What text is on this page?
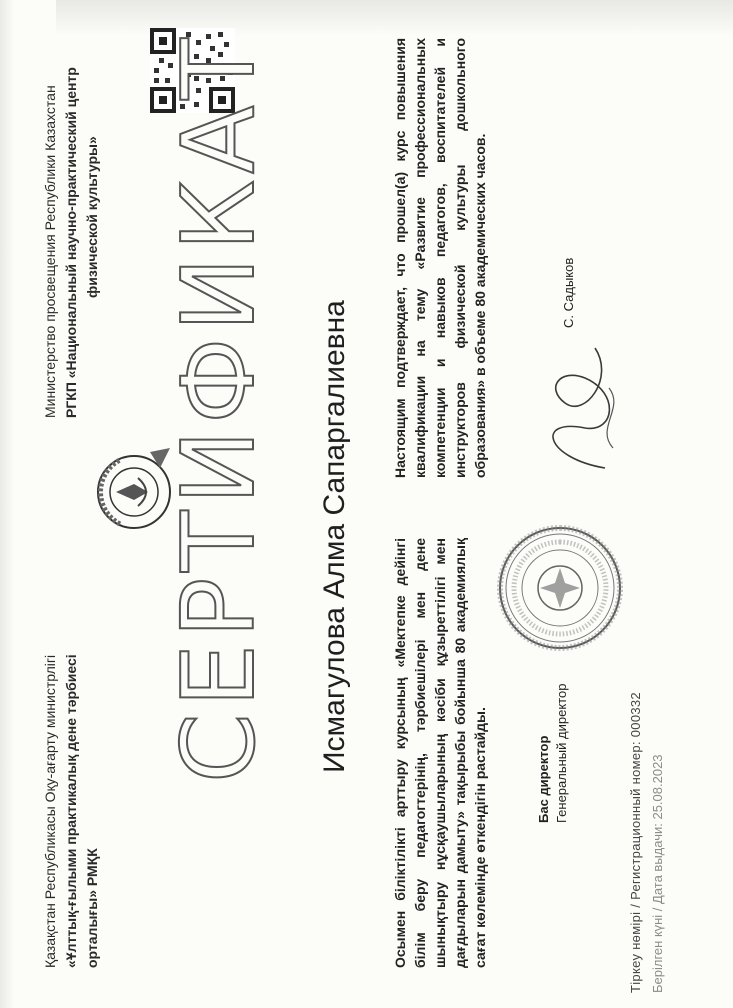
Қазақстан Республикасы Оқу-ағарту министрлігі «Ұлттық-ғылыми практикалық дене тәрбиесі орталығы» РМҚК
Министерство просвещения Республики Казахстан РГКП «Национальный научно-практический центр физической культуры» СЕРТИФИКАТ Исмагулова Алма Сапаргалиевна	Осымен біліктілікті арттыру курсының «Мектепке дейінгі білім беру педагогтерінің, тәрбиешілері мен дене шынықтыру нұсқаушыларының кәсіби құзыреттілігі мен дағдыларын дамыту» тақырыбы бойынша 80 академиялық сағат көлемінде өткендігін растайды.
Настоящим подтверждает, что прошел(а) курс повышения квалификации на тему «Развитие профессиональных компетенции и навыков педагогов, воспитателей и инструкторов физической культуры дошкольного образования» в объеме 80 академических часов.
Бас директор Генеральный директор
С. Садыков
Тіркеу нөмірі / Регистрационный номер: 000332 Берілген күні / Дата выдачи: 25.08.2023
